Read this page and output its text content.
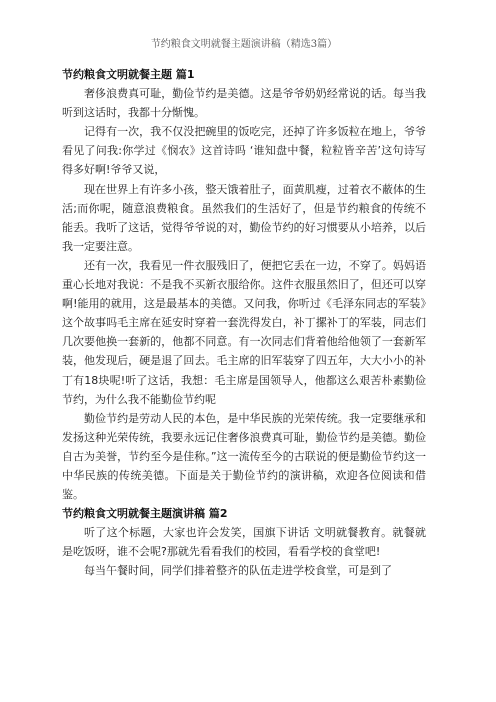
节约粮食文明就餐主题演讲稿（精选3篇）

节约粮食文明就餐主题 篇1

奢侈浪费真可耻，勤俭节约是美德。这是爷爷奶奶经常说的话。每当我听到这话时，我都十分惭愧。

记得有一次，我不仅没把碗里的饭吃完，还掉了许多饭粒在地上，爷爷看见了问我:你学过《悯农》这首诗吗 ‘谁知盘中餐，粒粒皆辛苦’这句诗写得多好啊!爷爷又说，

现在世界上有许多小孩，整天饿着肚子，面黄肌瘦，过着衣不蔽体的生活;而你呢，随意浪费粮食。虽然我们的生活好了，但是节约粮食的传统不能丢。我听了这话，觉得爷爷说的对，勤俭节约的好习惯要从小培养，以后我一定要注意。

还有一次，我看见一件衣服残旧了，便把它丢在一边，不穿了。妈妈语重心长地对我说：不是我不买新衣服给你。这件衣服虽然旧了，但还可以穿啊!能用的就用，这是最基本的美德。又问我，你听过《毛泽东同志的军装》这个故事吗毛主席在延安时穿着一套洗得发白，补丁摞补丁的军装，同志们几次要他换一套新的，他都不同意。有一次同志们背着他给他领了一套新军装，他发现后，硬是退了回去。毛主席的旧军装穿了四五年，大大小小的补丁有18块呢!听了这话，我想：毛主席是国领导人，他都这么艰苦朴素勤俭节约，为什么我不能勤俭节约呢

勤俭节约是劳动人民的本色，是中华民族的光荣传统。我一定要继承和发扬这种光荣传统，我要永远记住奢侈浪费真可耻，勤俭节约是美德。勤俭自古为美誉，节约至今是佳称。”这一流传至今的古联说的便是勤俭节约这一中华民族的传统美德。下面是关于勤俭节约的演讲稿，欢迎各位阅读和借鉴。

节约粮食文明就餐主题演讲稿 篇2

听了这个标题，大家也许会发笑，国旗下讲话 文明就餐教育。就餐就是吃饭呀，谁不会呢?那就先看看我们的校园，看看学校的食堂吧!

每当午餐时间，同学们排着整齐的队伍走进学校食堂，可是到了
